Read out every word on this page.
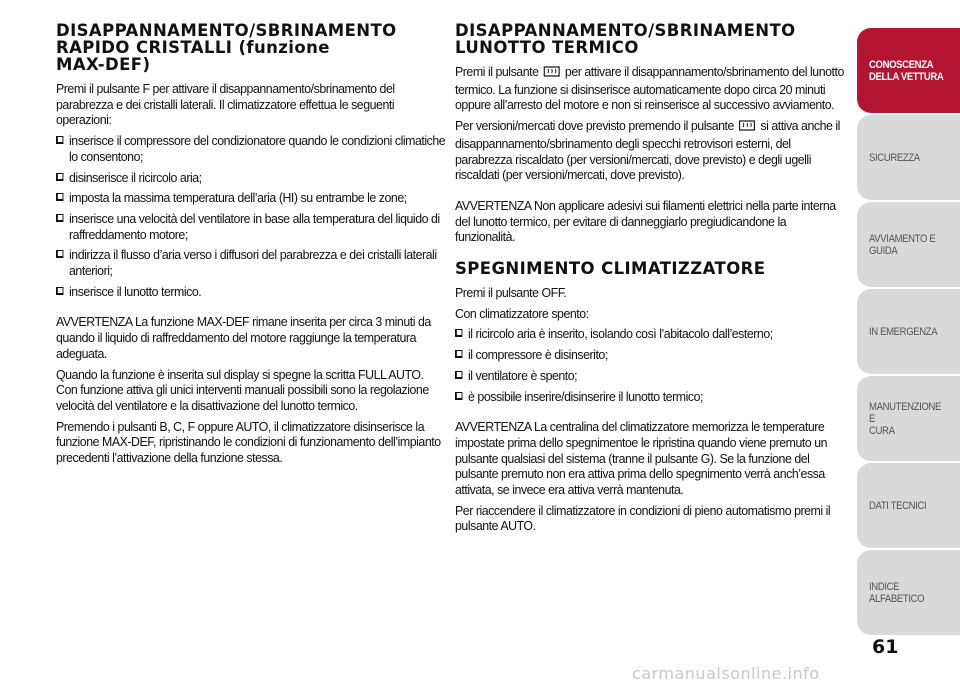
DISAPPANNAMENTO/SBRINAMENTO
RAPIDO CRISTALLI (funzione
MAX-DEF)

Premi il pulsante F per attivare il disappannamento/sbrinamento del parabrezza e dei cristalli laterali. Il climatizzatore effettua le seguenti operazioni:

inserisce il compressore del condizionatore quando le condizioni climatiche lo consentono;
disinserisce il ricircolo aria;
imposta la massima temperatura dell’aria (HI) su entrambe le zone;
inserisce una velocità del ventilatore in base alla temperatura del liquido di raffreddamento motore;
indirizza il flusso d’aria verso i diffusori del parabrezza e dei cristalli laterali anteriori;
inserisce il lunotto termico.

AVVERTENZA La funzione MAX-DEF rimane inserita per circa 3 minuti da quando il liquido di raffreddamento del motore raggiunge la temperatura adeguata.

Quando la funzione è inserita sul display si spegne la scritta FULL AUTO. Con funzione attiva gli unici interventi manuali possibili sono la regolazione velocità del ventilatore e la disattivazione del lunotto termico.

Premendo i pulsanti B, C, F oppure AUTO, il climatizzatore disinserisce la funzione MAX-DEF, ripristinando le condizioni di funzionamento dell’impianto precedenti l’attivazione della funzione stessa.

DISAPPANNAMENTO/SBRINAMENTO
LUNOTTO TERMICO

Premi il pulsante per attivare il disappannamento/sbrinamento del lunotto termico. La funzione si disinserisce automaticamente dopo circa 20 minuti oppure all’arresto del motore e non si reinserisce al successivo avviamento.

Per versioni/mercati dove previsto premendo il pulsante si attiva anche il disappannamento/sbrinamento degli specchi retrovisori esterni, del parabrezza riscaldato (per versioni/mercati, dove previsto) e degli ugelli riscaldati (per versioni/mercati, dove previsto).

AVVERTENZA Non applicare adesivi sui filamenti elettrici nella parte interna del lunotto termico, per evitare di danneggiarlo pregiudicandone la funzionalità.

SPEGNIMENTO CLIMATIZZATORE

Premi il pulsante OFF.

Con climatizzatore spento:

il ricircolo aria è inserito, isolando così l’abitacolo dall’esterno;
il compressore è disinserito;
il ventilatore è spento;
è possibile inserire/disinserire il lunotto termico;

AVVERTENZA La centralina del climatizzatore memorizza le temperature impostate prima dello spegnimentoe le ripristina quando viene premuto un pulsante qualsiasi del sistema (tranne il pulsante G). Se la funzione del pulsante premuto non era attiva prima dello spegnimento verrà anch’essa attivata, se invece era attiva verrà mantenuta.

Per riaccendere il climatizzatore in condizioni di pieno automatismo premi il pulsante AUTO.

CONOSCENZA
DELLA VETTURA
SICUREZZA
AVVIAMENTO E
GUIDA
IN EMERGENZA
MANUTENZIONE E
CURA
DATI TECNICI
INDICE ALFABETICO
61
carmanualsonline.info
